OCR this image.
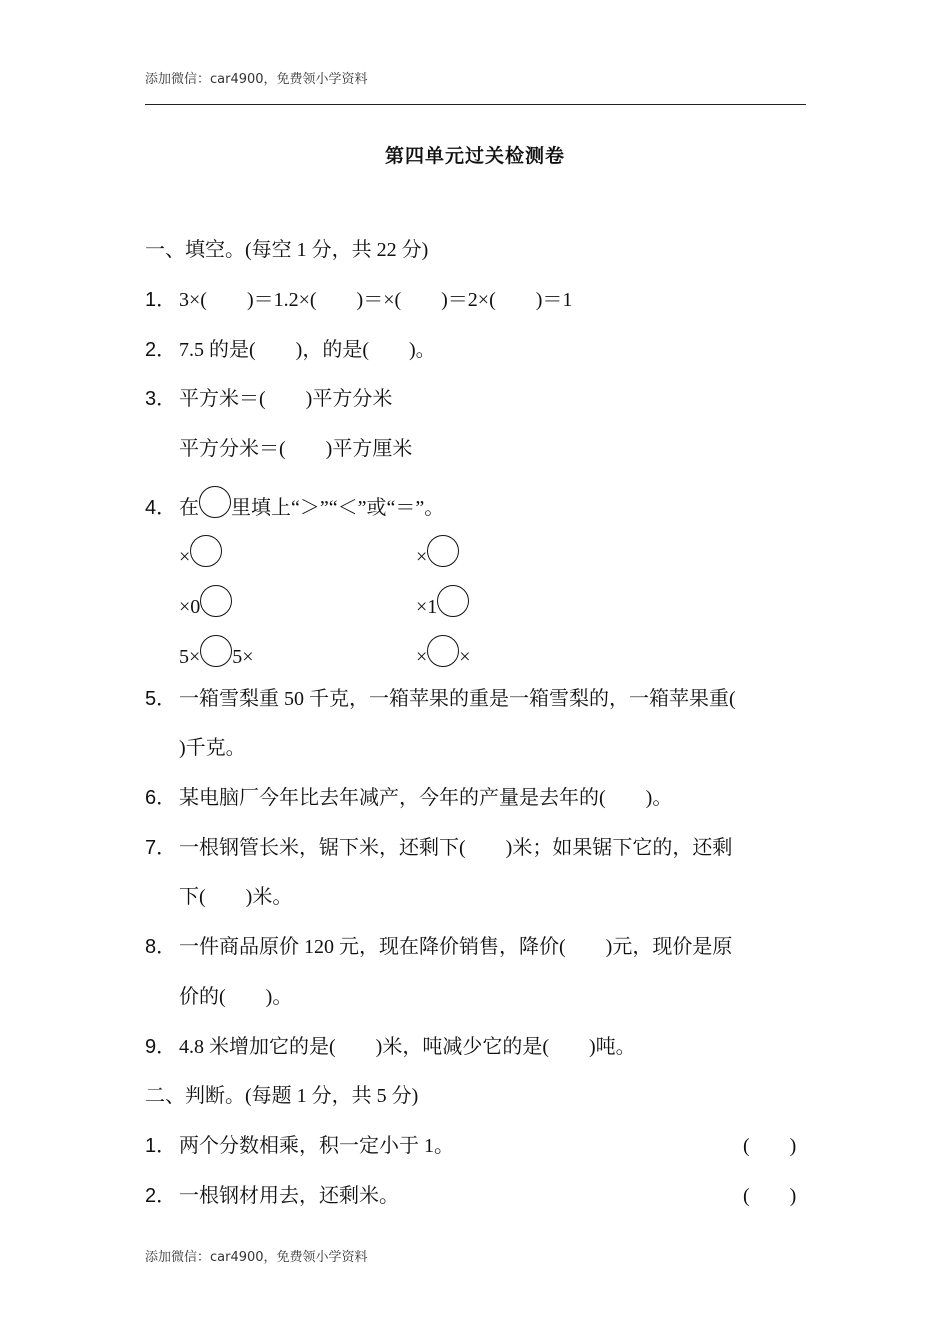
添加微信：car4900，免费领小学资料
第四单元过关检测卷
一、填空。(每空 1 分，共 22 分)
1． 3×(　　)＝1.2×(　　)＝×(　　)＝2×(　　)＝1
2． 7.5 的是(　　)，的是(　　)。
3． 平方米＝(　　)平方分米
平方分米＝(　　)平方厘米
4． 在 里填上“＞”“＜”或“＝”。
×	×
×0	×1
5× 5×	× ×
5． 一箱雪梨重 50 千克，一箱苹果的重是一箱雪梨的，一箱苹果重(
)千克。
6． 某电脑厂今年比去年减产，今年的产量是去年的(　　)。
7． 一根钢管长米，锯下米，还剩下(　　)米；如果锯下它的，还剩
下(　　)米。
8． 一件商品原价 120 元，现在降价销售，降价(　　)元，现价是原
价的(　　)。
9． 4.8 米增加它的是(　　)米，吨减少它的是(　　)吨。
二、判断。(每题 1 分，共 5 分)
1． 两个分数相乘，积一定小于 1。	(　　)
2． 一根钢材用去，还剩米。	(　　)
添加微信：car4900，免费领小学资料
